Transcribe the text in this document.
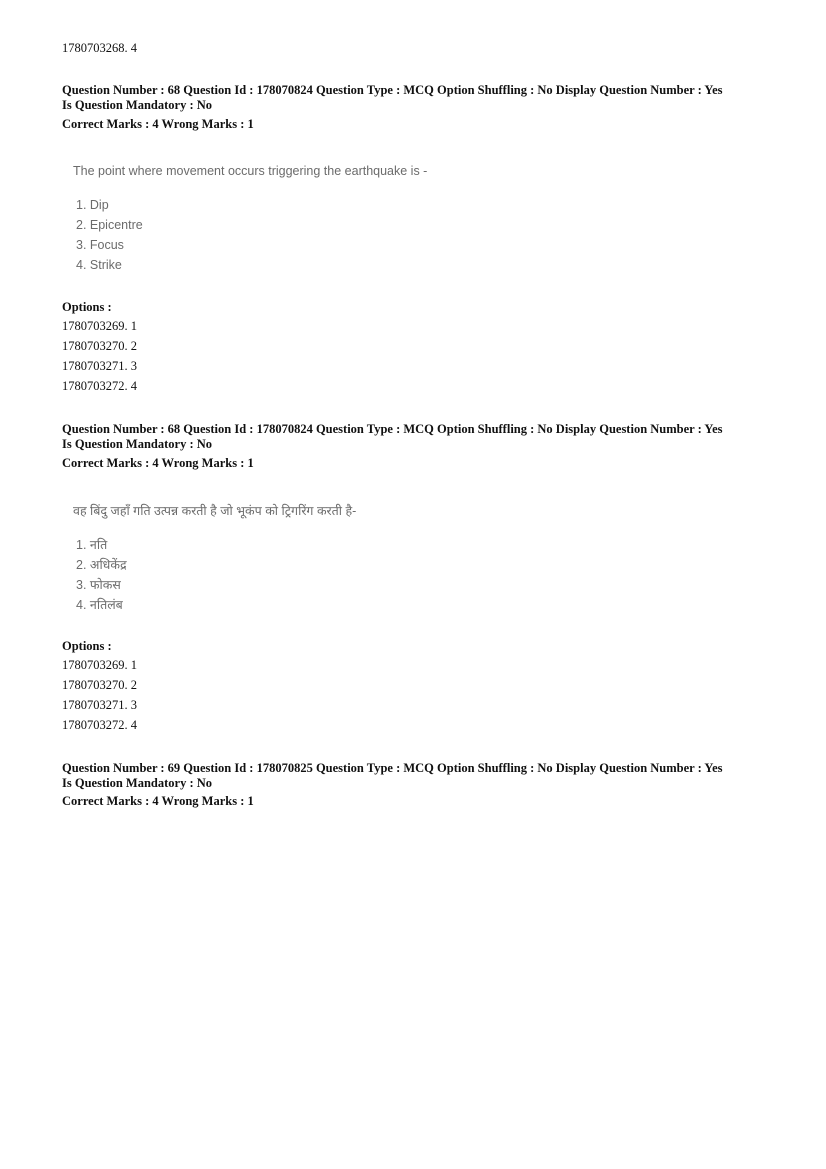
1780703268. 4
Question Number : 68 Question Id : 178070824 Question Type : MCQ Option Shuffling : No Display Question Number : Yes
Is Question Mandatory : No
Correct Marks : 4 Wrong Marks : 1
The point where movement occurs triggering the earthquake is -
1. Dip
2. Epicentre
3. Focus
4. Strike
Options :
1780703269. 1
1780703270. 2
1780703271. 3
1780703272. 4
Question Number : 68 Question Id : 178070824 Question Type : MCQ Option Shuffling : No Display Question Number : Yes
Is Question Mandatory : No
Correct Marks : 4 Wrong Marks : 1
वह बिंदु जहाँ गति उत्पन्न करती है जो भूकंप को ट्रिगरिंग करती है-
1. नति
2. अधिकेंद्र
3. फोकस
4. नतिलंब
Options :
1780703269. 1
1780703270. 2
1780703271. 3
1780703272. 4
Question Number : 69 Question Id : 178070825 Question Type : MCQ Option Shuffling : No Display Question Number : Yes
Is Question Mandatory : No
Correct Marks : 4 Wrong Marks : 1
